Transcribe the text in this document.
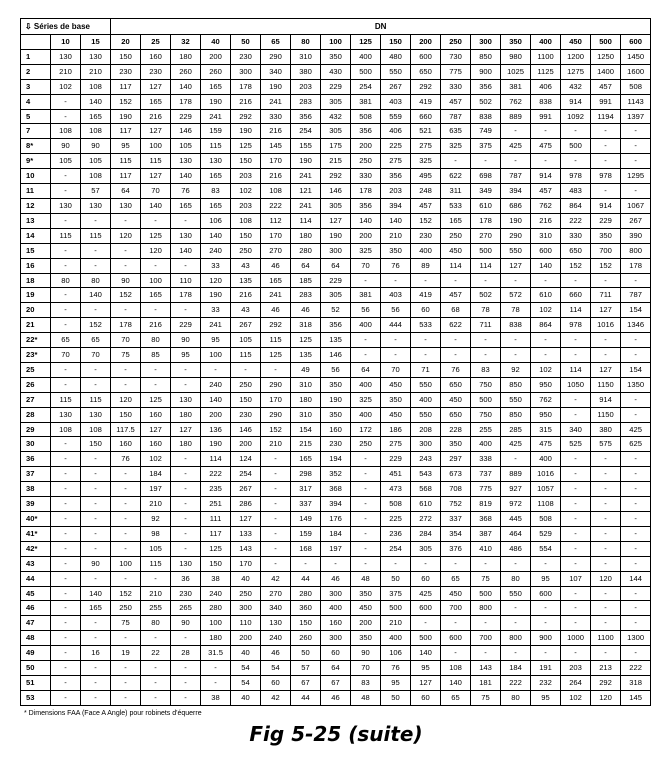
⇩ Séries de base			DN																	
	10	15	20	25	32	40	50	65	80	100	125	150	200	250	300	350	400	450	500	600
1	130	130	150	160	180	200	230	290	310	350	400	480	600	730	850	980	1100	1200	1250	1450
2	210	210	230	230	260	260	300	340	380	430	500	550	650	775	900	1025	1125	1275	1400	1600
3	102	108	117	127	140	165	178	190	203	229	254	267	292	330	356	381	406	432	457	508
4	-	140	152	165	178	190	216	241	283	305	381	403	419	457	502	762	838	914	991	1143
5	-	165	190	216	229	241	292	330	356	432	508	559	660	787	838	889	991	1092	1194	1397
7	108	108	117	127	146	159	190	216	254	305	356	406	521	635	749	-	-	-	-	-
8*	90	90	95	100	105	115	125	145	155	175	200	225	275	325	375	425	475	500	-	-
9*	105	105	115	115	130	130	150	170	190	215	250	275	325	-	-	-	-	-	-	-
10	-	108	117	127	140	165	203	216	241	292	330	356	495	622	698	787	914	978	978	1295
11	-	57	64	70	76	83	102	108	121	146	178	203	248	311	349	394	457	483	-	-
12	130	130	130	140	165	165	203	222	241	305	356	394	457	533	610	686	762	864	914	1067
13	-	-	-	-	-	106	108	112	114	127	140	140	152	165	178	190	216	222	229	267
14	115	115	120	125	130	140	150	170	180	190	200	210	230	250	270	290	310	330	350	390
15	-	-	-	120	140	240	250	270	280	300	325	350	400	450	500	550	600	650	700	800
16	-	-	-	-	-	33	43	46	64	64	70	76	89	114	114	127	140	152	152	178
18	80	80	90	100	110	120	135	165	185	229	-	-	-	-	-	-	-	-	-	-
19	-	140	152	165	178	190	216	241	283	305	381	403	419	457	502	572	610	660	711	787
20	-	-	-	-	-	33	43	46	46	52	56	56	60	68	78	78	102	114	127	154
21	-	152	178	216	229	241	267	292	318	356	400	444	533	622	711	838	864	978	1016	1346
22*	65	65	70	80	90	95	105	115	125	135	-	-	-	-	-	-	-	-	-	-
23*	70	70	75	85	95	100	115	125	135	146	-	-	-	-	-	-	-	-	-	-
25	-	-	-	-	-	-	-	-	49	56	64	70	71	76	83	92	102	114	127	154
26	-	-	-	-	-	240	250	290	310	350	400	450	550	650	750	850	950	1050	1150	1350
27	115	115	120	125	130	140	150	170	180	190	325	350	400	450	500	550	762	-	914	-
28	130	130	150	160	180	200	230	290	310	350	400	450	550	650	750	850	950	-	1150	-
29	108	108	117.5	127	127	136	146	152	154	160	172	186	208	228	255	285	315	340	380	425
30	-	150	160	160	180	190	200	210	215	230	250	275	300	350	400	425	475	525	575	625
36	-	-	76	102	-	114	124	-	165	194	-	229	243	297	338	-	400	-	-	-
37	-	-	-	184	-	222	254	-	298	352	-	451	543	673	737	889	1016	-	-	-
38	-	-	-	197	-	235	267	-	317	368	-	473	568	708	775	927	1057	-	-	-
39	-	-	-	210	-	251	286	-	337	394	-	508	610	752	819	972	1108	-	-	-
40*	-	-	-	92	-	111	127	-	149	176	-	225	272	337	368	445	508	-	-	-
41*	-	-	-	98	-	117	133	-	159	184	-	236	284	354	387	464	529	-	-	-
42*	-	-	-	105	-	125	143	-	168	197	-	254	305	376	410	486	554	-	-	-
43	-	90	100	115	130	150	170	-	-	-	-	-	-	-	-	-	-	-	-	-
44	-	-	-	-	36	38	40	42	44	46	48	50	60	65	75	80	95	107	120	144
45	-	140	152	210	230	240	250	270	280	300	350	375	425	450	500	550	600	-	-	-
46	-	165	250	255	265	280	300	340	360	400	450	500	600	700	800	-	-	-	-	-
47	-	-	75	80	90	100	110	130	150	160	200	210	-	-	-	-	-	-	-	-
48	-	-	-	-	-	180	200	240	260	300	350	400	500	600	700	800	900	1000	1100	1300
49	-	16	19	22	28	31.5	40	46	50	60	90	106	140	-	-	-	-	-	-	-
50	-	-	-	-	-	-	54	54	57	64	70	76	95	108	143	184	191	203	213	222
51	-	-	-	-	-	-	54	60	67	67	83	95	127	140	181	222	232	264	292	318
53	-	-	-	-	-	38	40	42	44	46	48	50	60	65	75	80	95	102	120	145
* Dimensions FAA (Face A Angle) pour robinets d'équerre
Fig 5-25 (suite)
